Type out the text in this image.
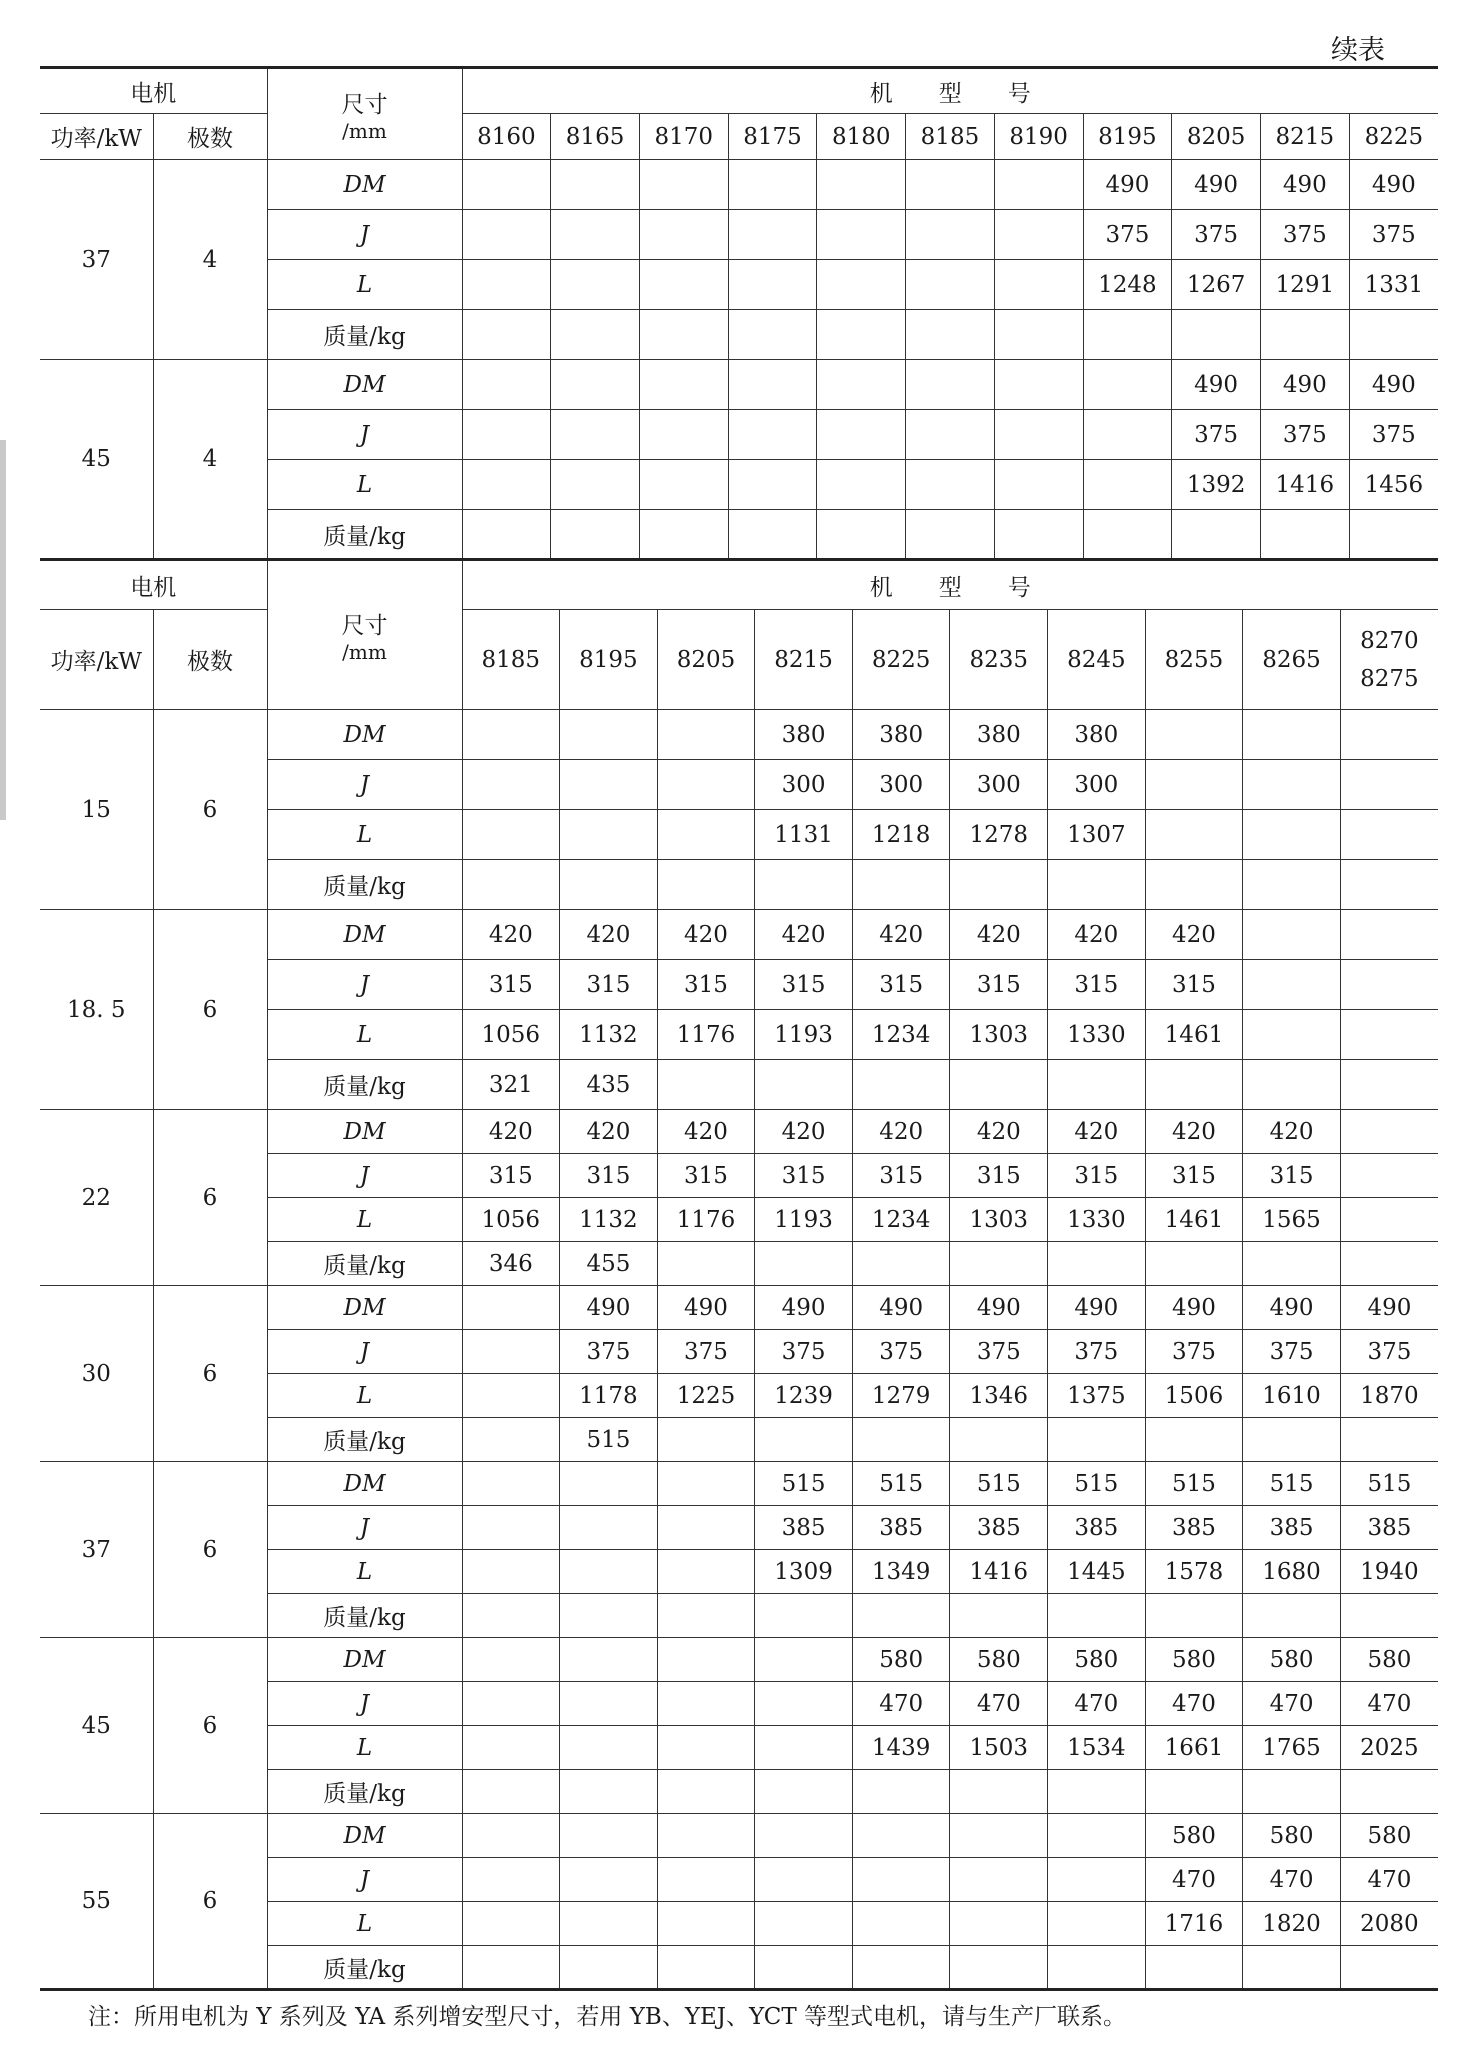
续表
电机		尺寸
/mm	机　　型　　号										
功率/kW	极数		8160	8165	8170	8175	8180	8185	8190	8195	8205	8215	8225
37	4	DM								490	490	490	490
		J								375	375	375	375
		L								1248	1267	1291	1331
		质量/kg											
45	4	DM									490	490	490
		J									375	375	375
		L									1392	1416	1456
		质量/kg											
电机		尺寸
/mm	机　　型　　号									
功率/kW	极数		8185	8195	8205	8215	8225	8235	8245	8255	8265	8270
8275

15	6	DM				380	380	380	380			
		J				300	300	300	300			
		L				1131	1218	1278	1307			
		质量/kg										
18. 5	6	DM	420	420	420	420	420	420	420	420		
		J	315	315	315	315	315	315	315	315		
		L	1056	1132	1176	1193	1234	1303	1330	1461		
		质量/kg	321	435								
22	6	DM	420	420	420	420	420	420	420	420	420	
		J	315	315	315	315	315	315	315	315	315	
		L	1056	1132	1176	1193	1234	1303	1330	1461	1565	
		质量/kg	346	455								
30	6	DM		490	490	490	490	490	490	490	490	490
		J		375	375	375	375	375	375	375	375	375
		L		1178	1225	1239	1279	1346	1375	1506	1610	1870
		质量/kg		515								
37	6	DM				515	515	515	515	515	515	515
		J				385	385	385	385	385	385	385
		L				1309	1349	1416	1445	1578	1680	1940
		质量/kg										
45	6	DM					580	580	580	580	580	580
		J					470	470	470	470	470	470
		L					1439	1503	1534	1661	1765	2025
		质量/kg										
55	6	DM								580	580	580
		J								470	470	470
		L								1716	1820	2080
		质量/kg										
注：所用电机为 Y 系列及 YA 系列增安型尺寸，若用 YB、YEJ、YCT 等型式电机，请与生产厂联系。
